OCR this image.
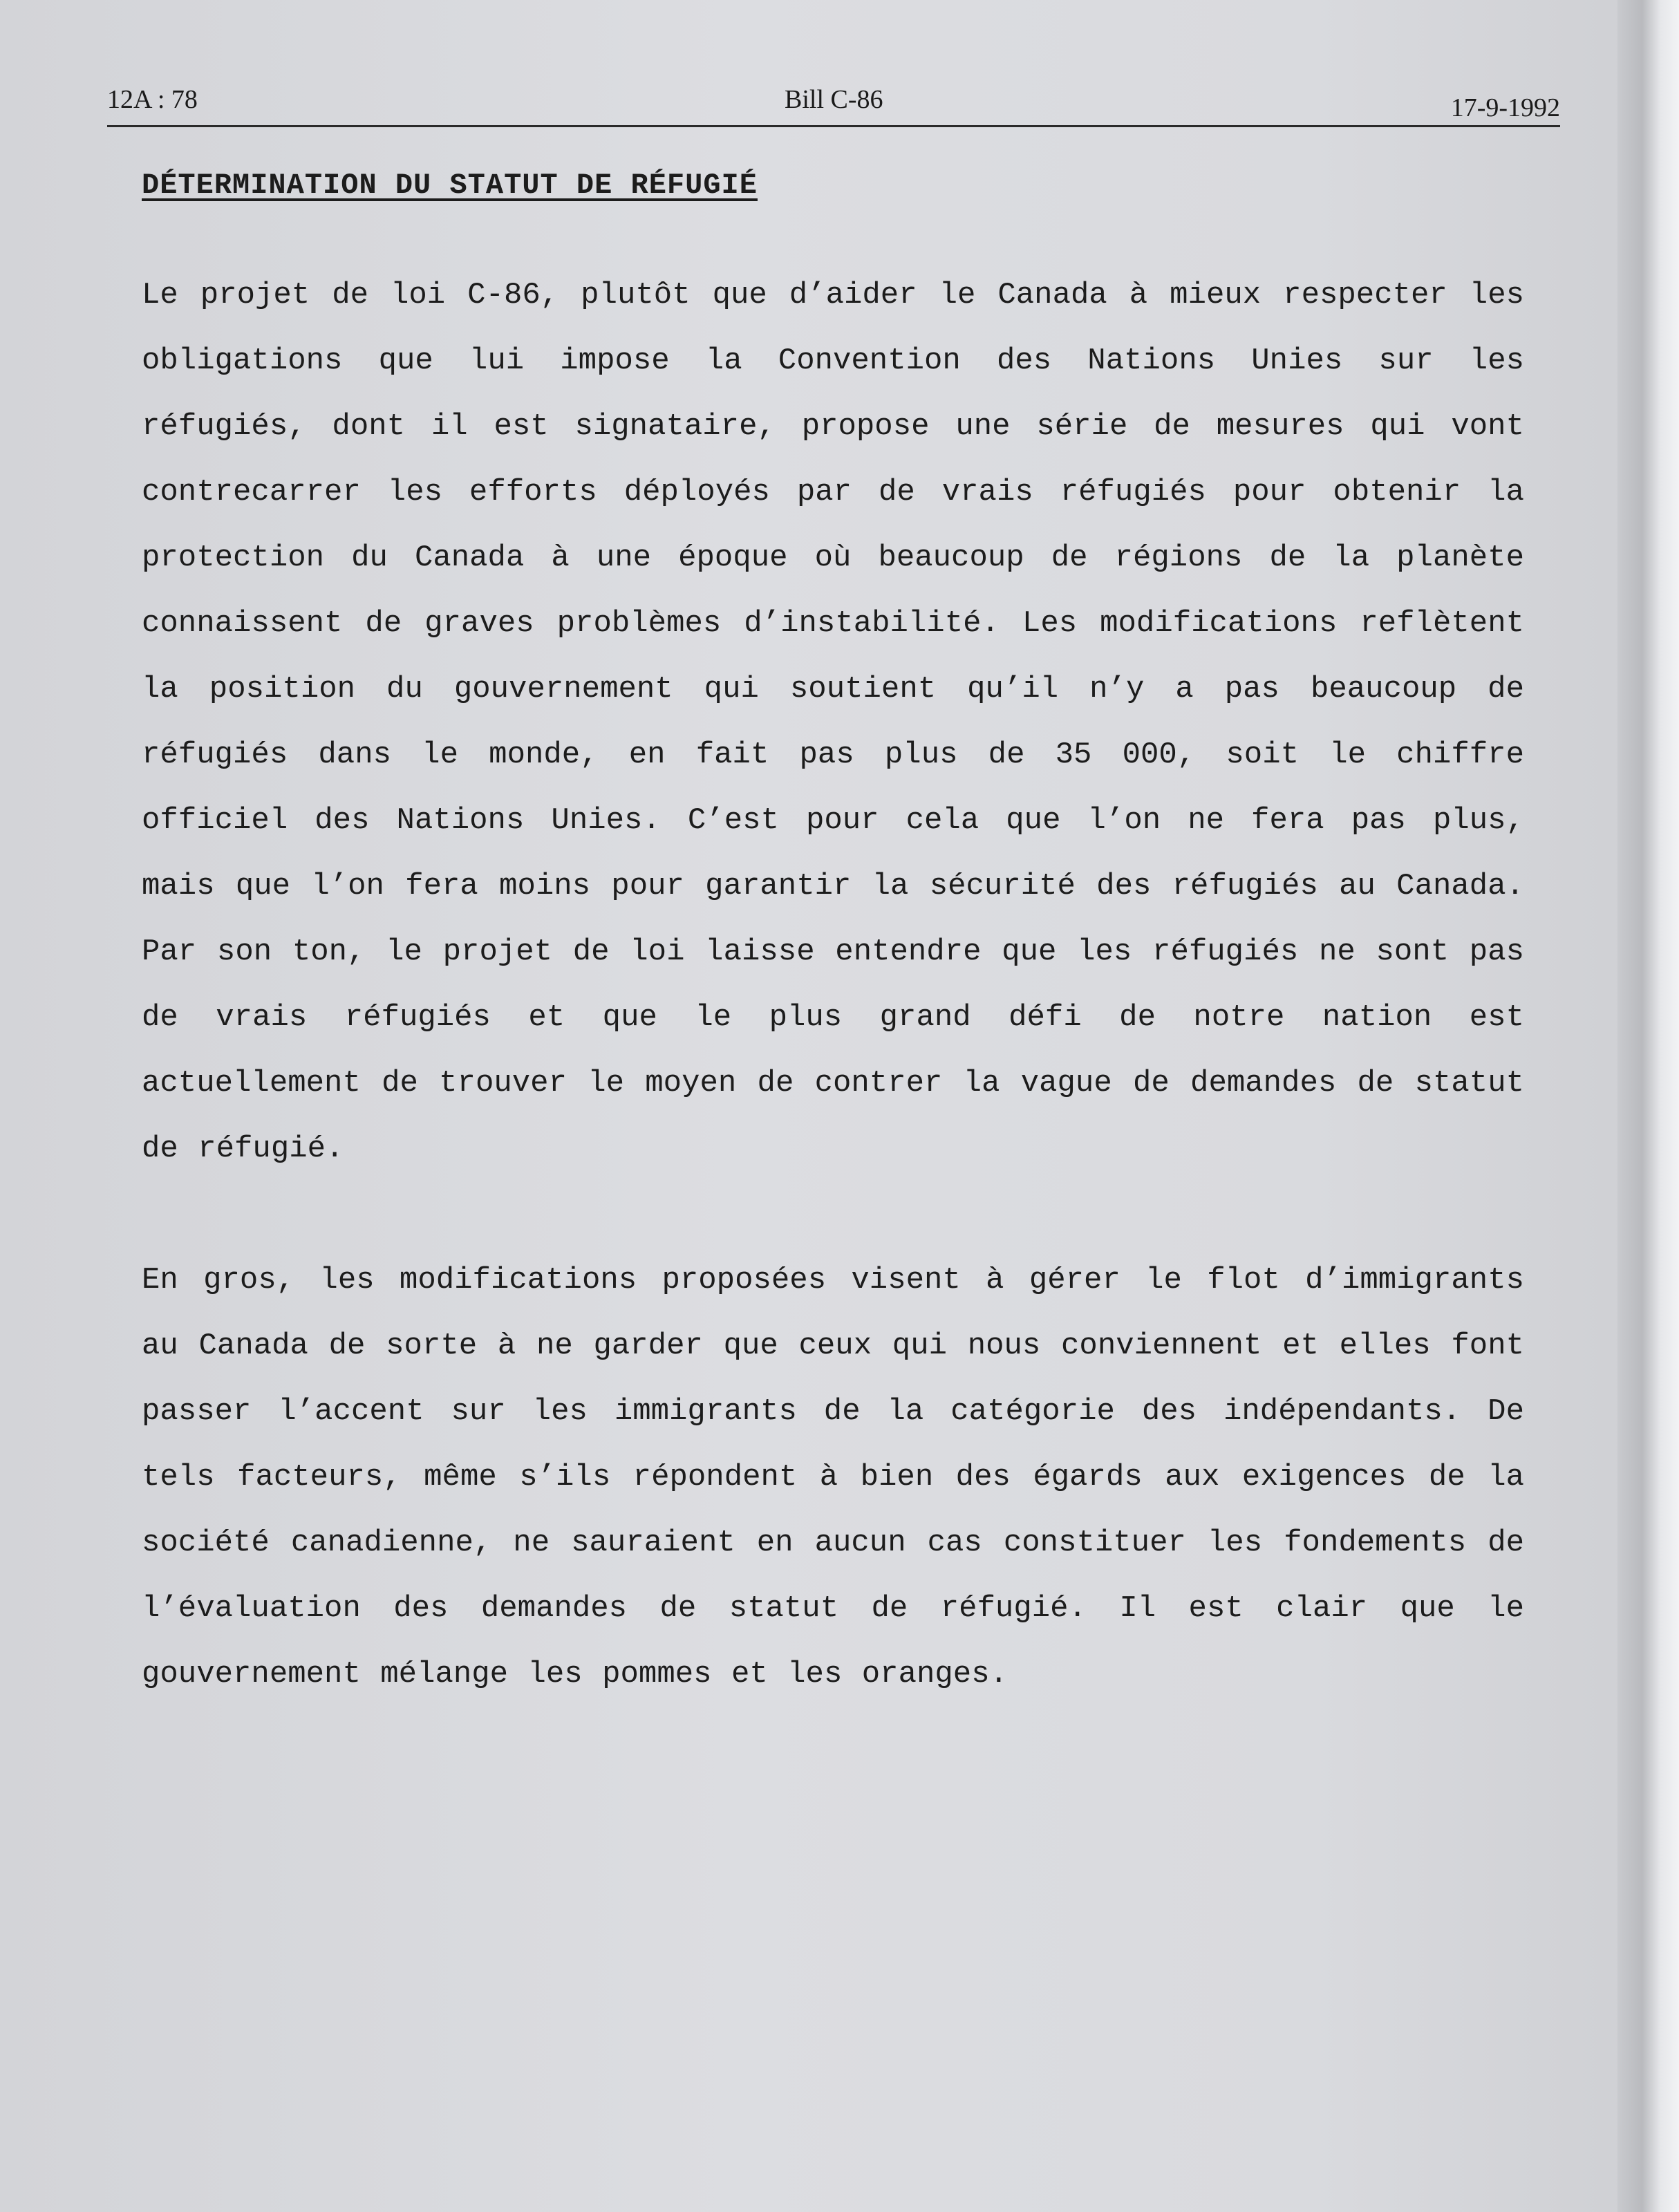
12A : 78	Bill C-86	17-9-1992
DÉTERMINATION DU STATUT DE RÉFUGIÉ

Le projet de loi C-86, plutôt que d’aider le Canada à mieux respecter les obligations que lui impose la Convention des Nations Unies sur les réfugiés, dont il est signataire, propose une série de mesures qui vont contrecarrer les efforts déployés par de vrais réfugiés pour obtenir la protection du Canada à une époque où beaucoup de régions de la planète connaissent de graves problèmes d’instabilité. Les modifications reflètent la position du gouvernement qui soutient qu’il n’y a pas beaucoup de réfugiés dans le monde, en fait pas plus de 35 000, soit le chiffre officiel des Nations Unies. C’est pour cela que l’on ne fera pas plus, mais que l’on fera moins pour garantir la sécurité des réfugiés au Canada. Par son ton, le projet de loi laisse entendre que les réfugiés ne sont pas de vrais réfugiés et que le plus grand défi de notre nation est actuellement de trouver le moyen de contrer la vague de demandes de statut de réfugié.

En gros, les modifications proposées visent à gérer le flot d’immigrants au Canada de sorte à ne garder que ceux qui nous conviennent et elles font passer l’accent sur les immigrants de la catégorie des indépendants. De tels facteurs, même s’ils répondent à bien des égards aux exigences de la société canadienne, ne sauraient en aucun cas constituer les fondements de l’évaluation des demandes de statut de réfugié. Il est clair que le gouvernement mélange les pommes et les oranges.
